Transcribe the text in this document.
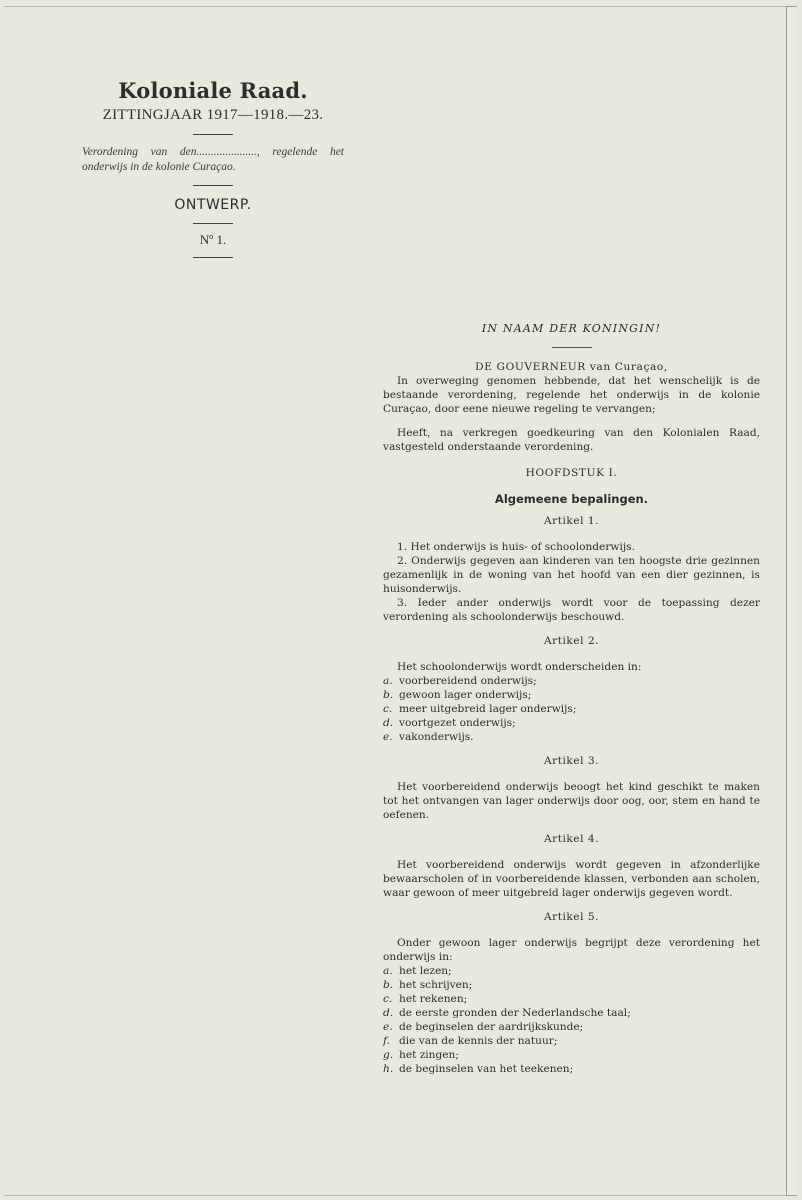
Koloniale Raad.

ZITTINGJAAR 1917—1918.—23.

Verordening van den....................., regelende het onderwijs in de kolonie Curaçao.

ONTWERP.

Nº 1.

IN NAAM DER KONINGIN!

DE GOUVERNEUR van Curaçao,

In overweging genomen hebbende, dat het wenschelijk is de bestaande verordening, regelende het onderwijs in de kolonie Curaçao, door eene nieuwe regeling te vervangen;

Heeft, na verkregen goedkeuring van den Kolonialen Raad, vastgesteld onderstaande verordening.

HOOFDSTUK I.

Algemeene bepalingen.

Artikel 1.

1. Het onderwijs is huis- of schoolonderwijs.

2. Onderwijs gegeven aan kinderen van ten hoogste drie gezinnen gezamenlijk in de woning van het hoofd van een dier gezinnen, is huisonderwijs.

3. Ieder ander onderwijs wordt voor de toepassing dezer verordening als schoolonderwijs beschouwd.

Artikel 2.

Het schoolonderwijs wordt onderscheiden in:

a. voorbereidend onderwijs;
b. gewoon lager onderwijs;
c. meer uitgebreid lager onderwijs;
d. voortgezet onderwijs;
e. vakonderwijs.

Artikel 3.

Het voorbereidend onderwijs beoogt het kind geschikt te maken tot het ontvangen van lager onderwijs door oog, oor, stem en hand te oefenen.

Artikel 4.

Het voorbereidend onderwijs wordt gegeven in afzonderlijke bewaarscholen of in voorbereidende klassen, verbonden aan scholen, waar gewoon of meer uitgebreid lager onderwijs gegeven wordt.

Artikel 5.

Onder gewoon lager onderwijs begrijpt deze verordening het onderwijs in:

a. het lezen;
b. het schrijven;
c. het rekenen;
d. de eerste gronden der Nederlandsche taal;
e. de beginselen der aardrijkskunde;
f. die van de kennis der natuur;
g. het zingen;
h. de beginselen van het teekenen;
